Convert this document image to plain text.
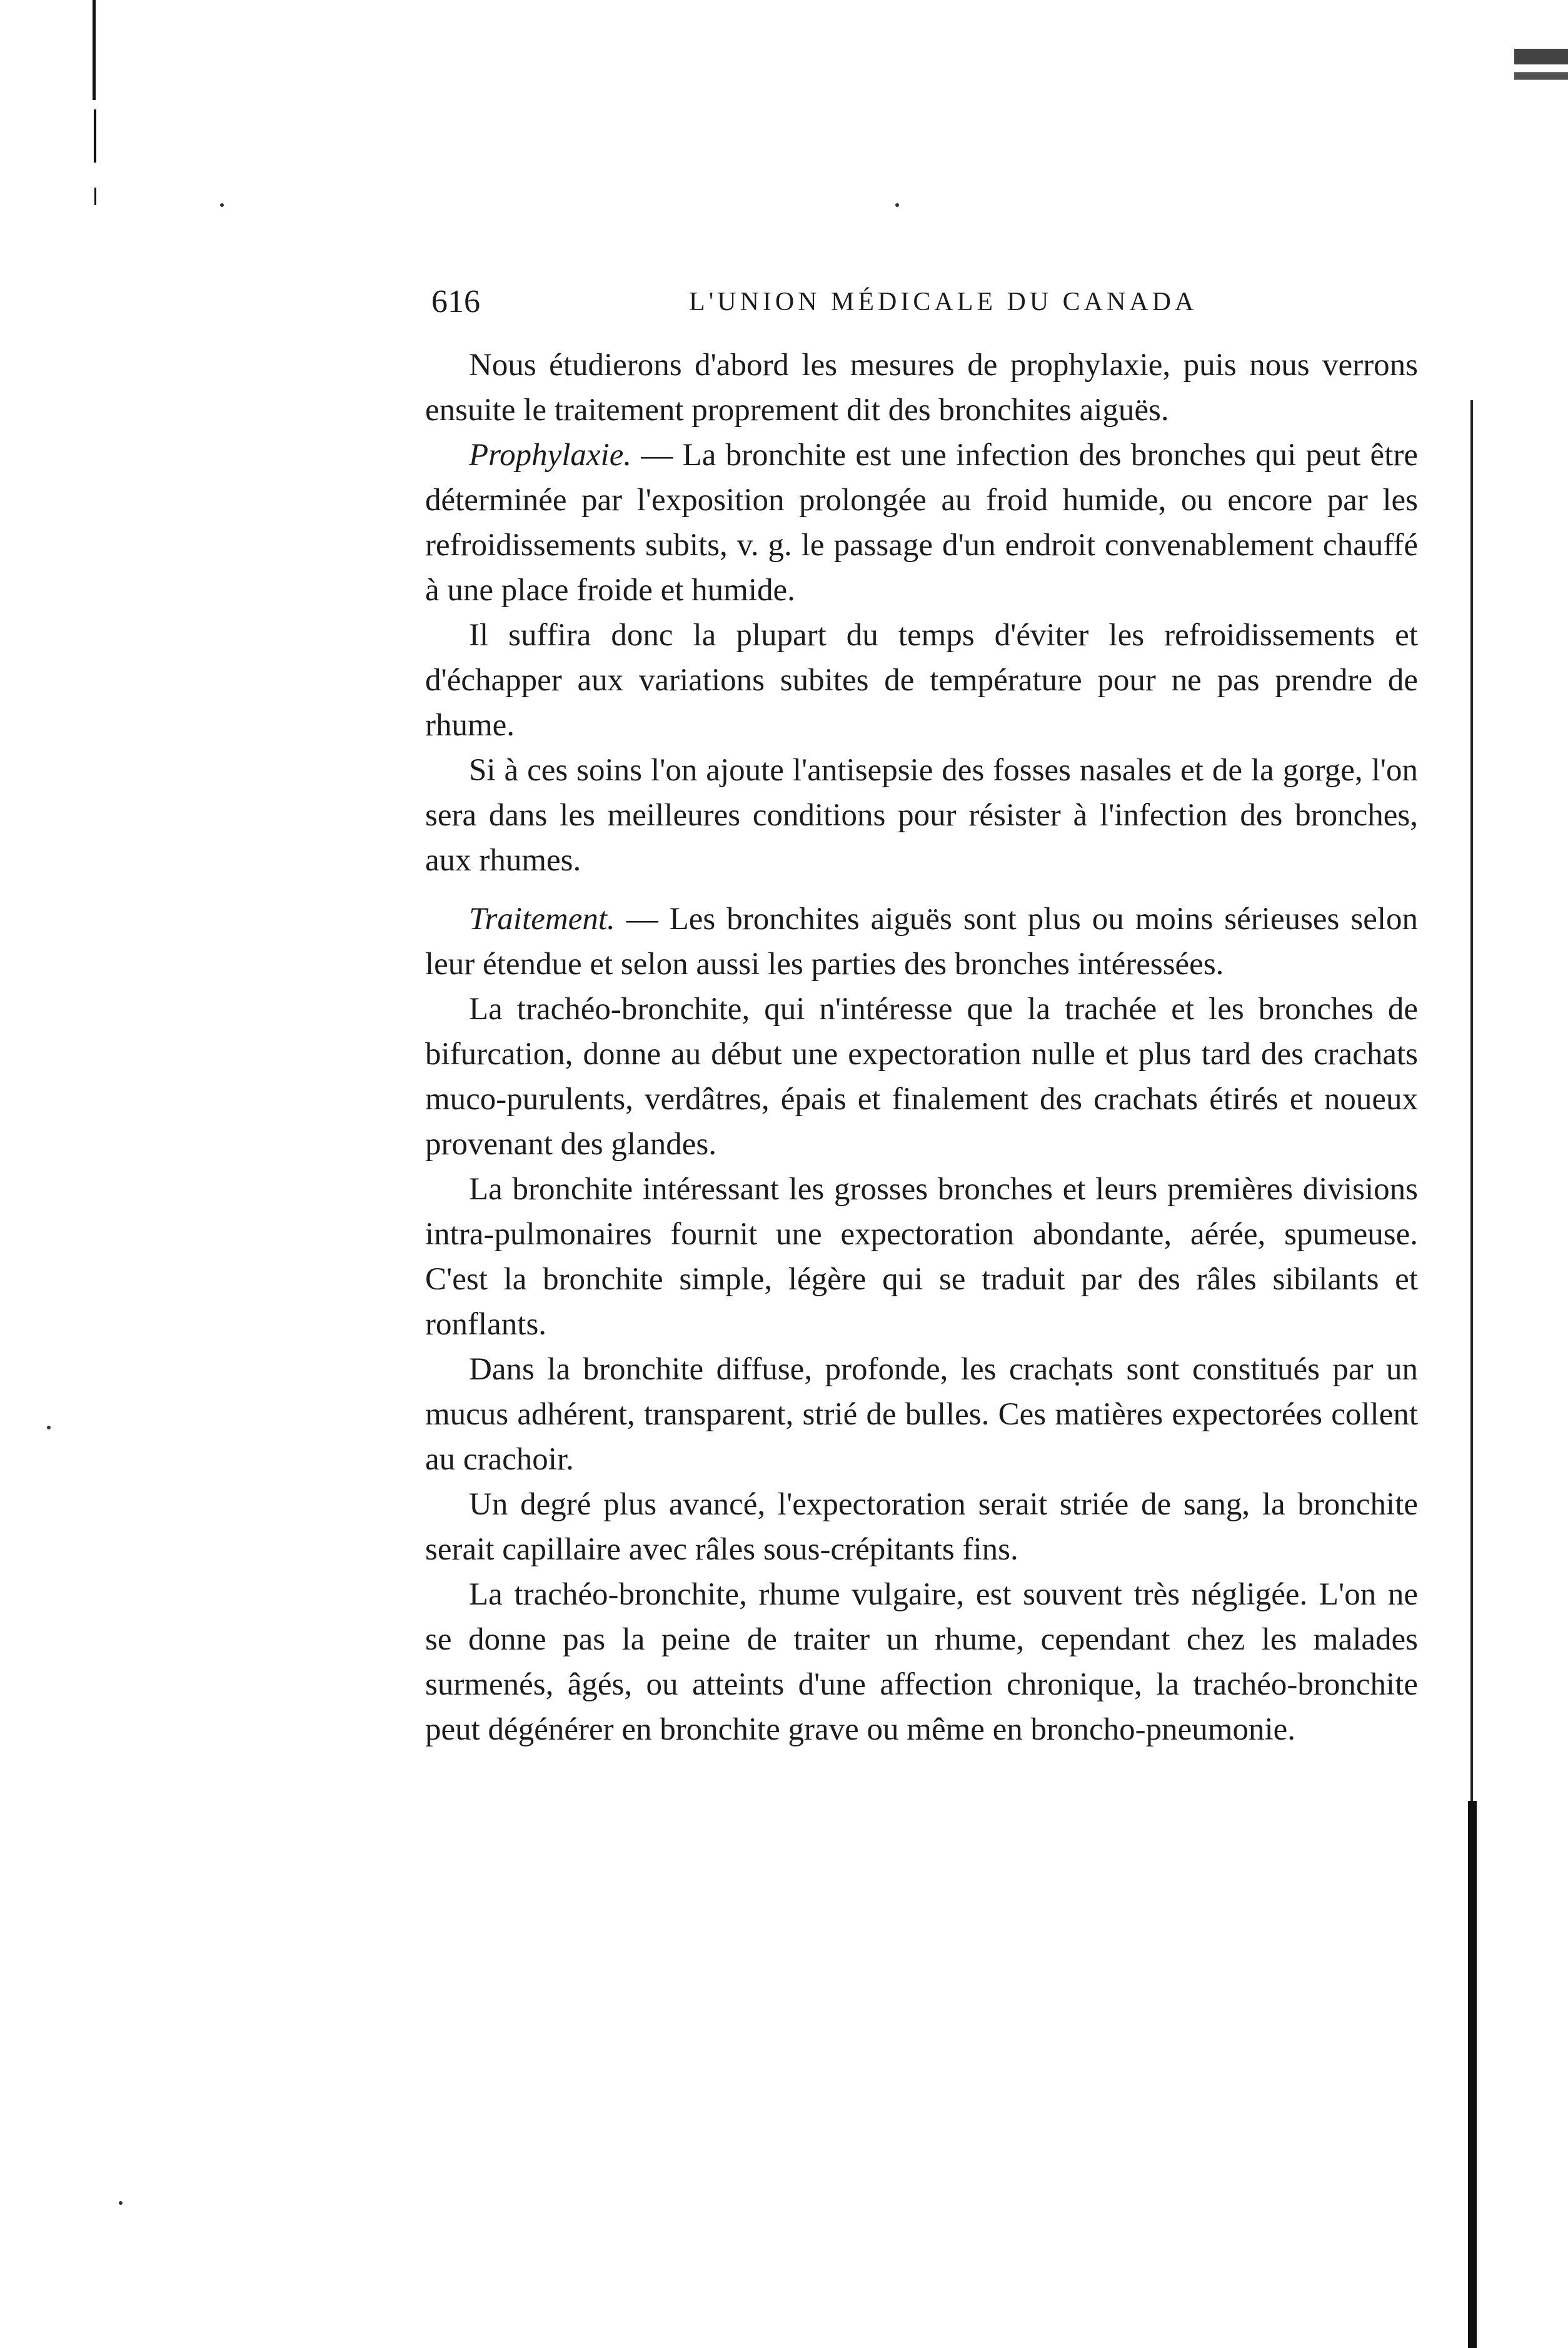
616	L'UNION MÉDICALE DU CANADA

Nous étudierons d'abord les mesures de prophylaxie, puis nous verrons ensuite le traitement proprement dit des bronchites aiguës.

Prophylaxie. — La bronchite est une infection des bronches qui peut être déterminée par l'exposition prolongée au froid humide, ou encore par les refroidissements subits, v. g. le passage d'un endroit convenablement chauffé à une place froide et humide.

Il suffira donc la plupart du temps d'éviter les refroidissements et d'échapper aux variations subites de température pour ne pas prendre de rhume.

Si à ces soins l'on ajoute l'antisepsie des fosses nasales et de la gorge, l'on sera dans les meilleures conditions pour résister à l'infection des bronches, aux rhumes.

Traitement. — Les bronchites aiguës sont plus ou moins sérieuses selon leur étendue et selon aussi les parties des bronches intéressées.

La trachéo-bronchite, qui n'intéresse que la trachée et les bronches de bifurcation, donne au début une expectoration nulle et plus tard des crachats muco-purulents, verdâtres, épais et finalement des crachats étirés et noueux provenant des glandes.

La bronchite intéressant les grosses bronches et leurs premières divisions intra-pulmonaires fournit une expectoration abondante, aérée, spumeuse. C'est la bronchite simple, légère qui se traduit par des râles sibilants et ronflants.

Dans la bronchite diffuse, profonde, les crachats sont constitués par un mucus adhérent, transparent, strié de bulles. Ces matières expectorées collent au crachoir.

Un degré plus avancé, l'expectoration serait striée de sang, la bronchite serait capillaire avec râles sous-crépitants fins.

La trachéo-bronchite, rhume vulgaire, est souvent très négligée. L'on ne se donne pas la peine de traiter un rhume, cependant chez les malades surmenés, âgés, ou atteints d'une affection chronique, la trachéo-bronchite peut dégénérer en bronchite grave ou même en broncho-pneumonie.
